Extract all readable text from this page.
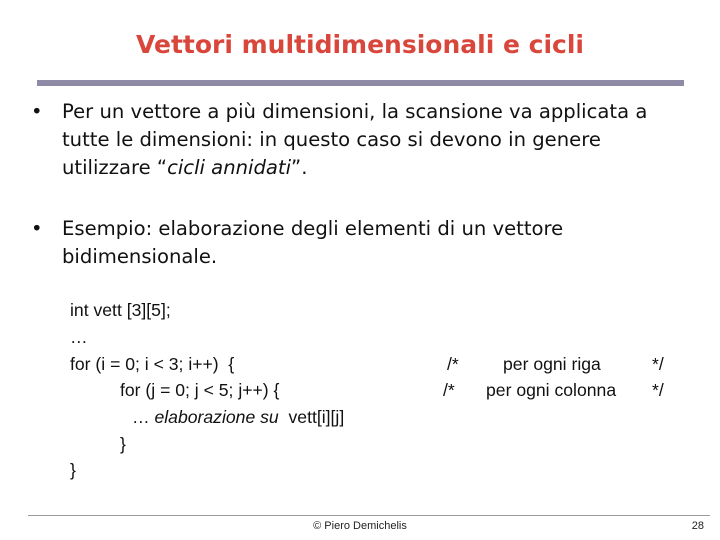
Vettori multidimensionali e cicli
• Per un vettore a più dimensioni, la scansione va applicata a tutte le dimensioni: in questo caso si devono in genere utilizzare “cicli annidati”.
• Esempio: elaborazione degli elementi di un vettore bidimensionale.
int vett [3][5];
…
for (i = 0; i < 3; i++)  {
for (j = 0; j < 5; j++) {
… elaborazione su  vett[i][j]
}
}
/*	per ogni riga	*/
/* per ogni colonna */
© Piero Demichelis	28
